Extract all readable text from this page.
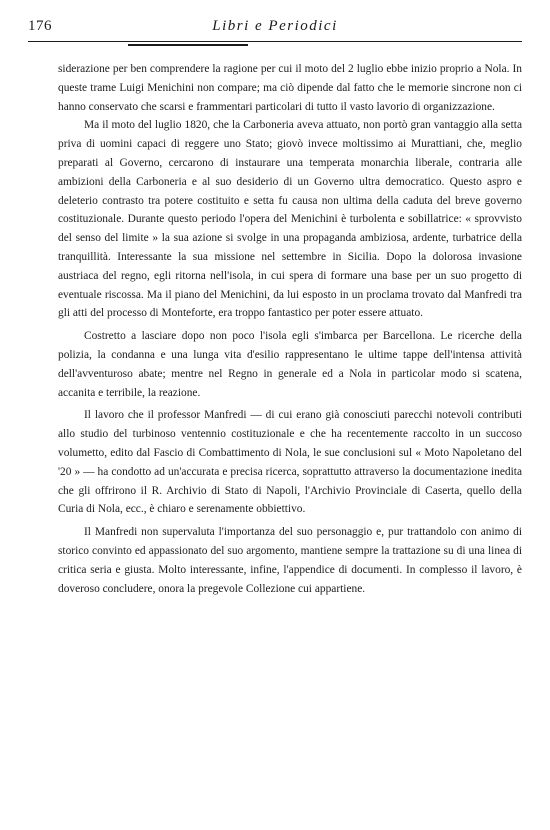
176	Libri e Periodici

siderazione per ben comprendere la ragione per cui il moto del 2 luglio ebbe inizio proprio a Nola. In queste trame Luigi Menichini non compare; ma ciò dipende dal fatto che le memorie sincrone non ci hanno conservato che scarsi e frammentari particolari di tutto il vasto lavorio di organizzazione.

Ma il moto del luglio 1820, che la Carboneria aveva attuato, non portò gran vantaggio alla setta priva di uomini capaci di reggere uno Stato; giovò invece moltissimo ai Murattiani, che, meglio preparati al Governo, cercarono di instaurare una temperata monarchia liberale, contraria alle ambizioni della Carboneria e al suo desiderio di un Governo ultra democratico. Questo aspro e deleterio contrasto tra potere costituito e setta fu causa non ultima della caduta del breve governo costituzionale. Durante questo periodo l'opera del Menichini è turbolenta e sobillatrice: « sprovvisto del senso del limite » la sua azione si svolge in una propaganda ambiziosa, ardente, turbatrice della tranquillità. Interessante la sua missione nel settembre in Sicilia. Dopo la dolorosa invasione austriaca del regno, egli ritorna nell'isola, in cui spera di formare una base per un suo progetto di eventuale riscossa. Ma il piano del Menichini, da lui esposto in un proclama trovato dal Manfredi tra gli atti del processo di Monteforte, era troppo fantastico per poter essere attuato.

Costretto a lasciare dopo non poco l'isola egli s'imbarca per Barcellona. Le ricerche della polizia, la condanna e una lunga vita d'esilio rappresentano le ultime tappe dell'intensa attività dell'avventuroso abate; mentre nel Regno in generale ed a Nola in particolar modo si scatena, accanita e terribile, la reazione.

Il lavoro che il professor Manfredi — di cui erano già conosciuti parecchi notevoli contributi allo studio del turbinoso ventennio costituzionale e che ha recentemente raccolto in un succoso volumetto, edito dal Fascio di Combattimento di Nola, le sue conclusioni sul « Moto Napoletano del '20 » — ha condotto ad un'accurata e precisa ricerca, soprattutto attraverso la documentazione inedita che gli offrirono il R. Archivio di Stato di Napoli, l'Archivio Provinciale di Caserta, quello della Curia di Nola, ecc., è chiaro e serenamente obbiettivo.

Il Manfredi non supervaluta l'importanza del suo personaggio e, pur trattandolo con animo di storico convinto ed appassionato del suo argomento, mantiene sempre la trattazione su di una linea di critica seria e giusta. Molto interessante, infine, l'appendice di documenti. In complesso il lavoro, è doveroso concludere, onora la pregevole Collezione cui appartiene.
